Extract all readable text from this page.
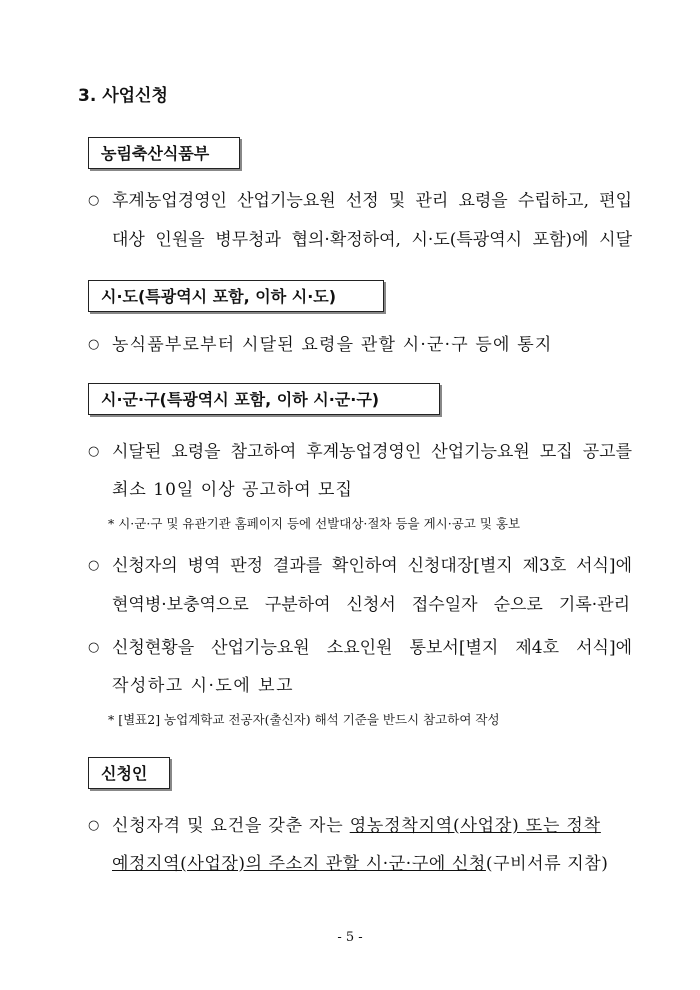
3. 사업신청
농림축산식품부
○ 후계농업경영인 산업기능요원 선정 및 관리 요령을 수립하고, 편입
대상 인원을 병무청과 협의·확정하여, 시·도(특광역시 포함)에 시달
시·도(특광역시 포함, 이하 시·도)
○ 농식품부로부터 시달된 요령을 관할 시·군·구 등에 통지
시·군·구(특광역시 포함, 이하 시·군·구)
○ 시달된 요령을 참고하여 후계농업경영인 산업기능요원 모집 공고를
최소 10일 이상 공고하여 모집
* 시·군·구 및 유관기관 홈페이지 등에 선발대상·절차 등을 게시·공고 및 홍보
○ 신청자의 병역 판정 결과를 확인하여 신청대장[별지 제3호 서식]에
현역병·보충역으로 구분하여 신청서 접수일자 순으로 기록·관리
○ 신청현황을 산업기능요원 소요인원 통보서[별지 제4호 서식]에
작성하고 시·도에 보고
* [별표2] 농업계학교 전공자(출신자) 해석 기준을 반드시 참고하여 작성
신청인
○ 신청자격 및 요건을 갖춘 자는 영농정착지역(사업장) 또는 정착
예정지역(사업장)의 주소지 관할 시·군·구에 신청(구비서류 지참)
- 5 -
